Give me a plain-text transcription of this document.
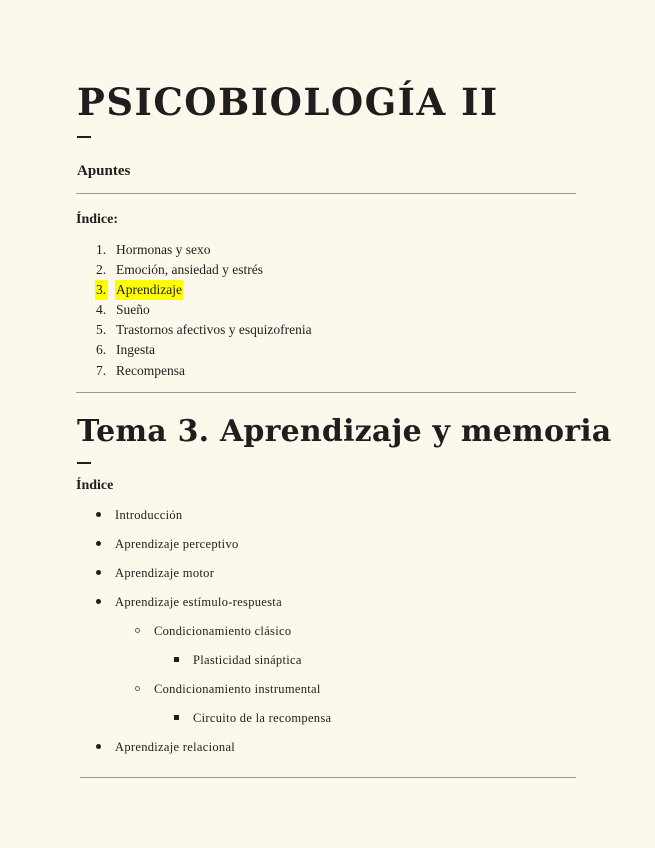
PSICOBIOLOGÍA II
Apuntes
Índice:
1. Hormonas y sexo
2. Emoción, ansiedad y estrés
3. Aprendizaje
4. Sueño
5. Trastornos afectivos y esquizofrenia
6. Ingesta
7. Recompensa
Tema 3. Aprendizaje y memoria
Índice
Introducción
Aprendizaje perceptivo
Aprendizaje motor
Aprendizaje estímulo-respuesta
Condicionamiento clásico
Plasticidad sináptica
Condicionamiento instrumental
Circuito de la recompensa
Aprendizaje relacional
